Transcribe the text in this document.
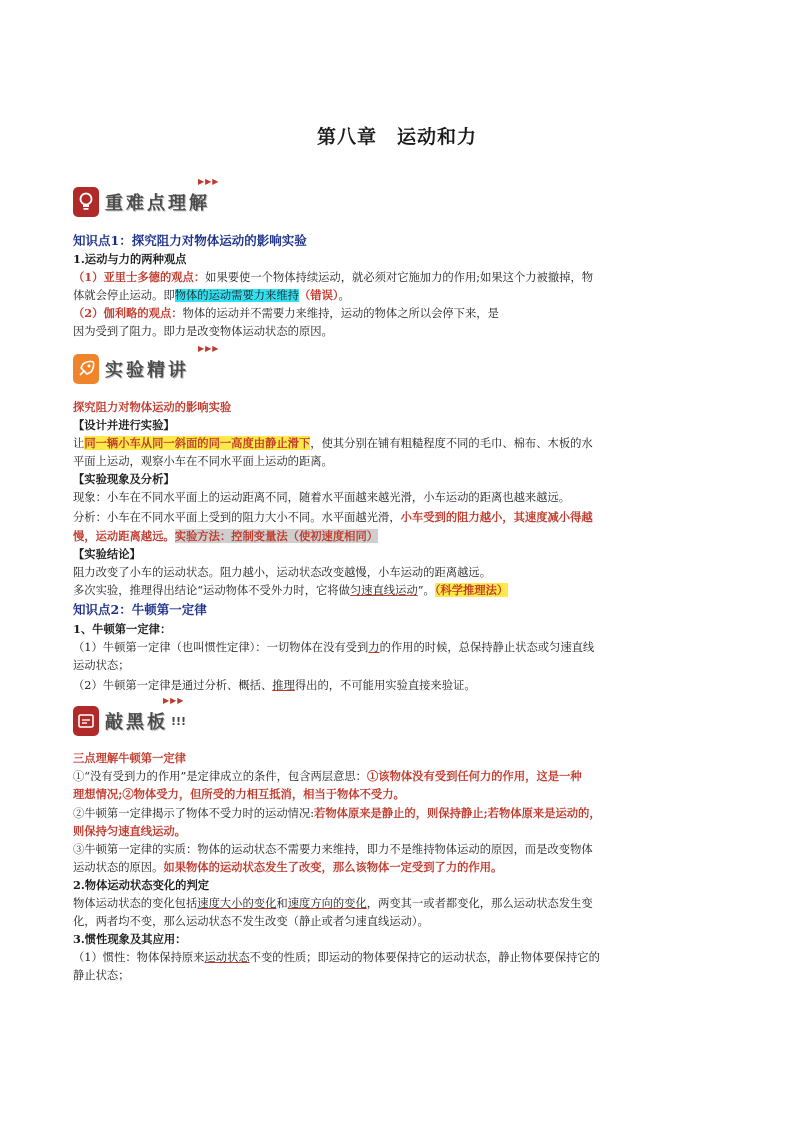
第八章　运动和力
▶▶▶
重难点理解
知识点1：探究阻力对物体运动的影响实验
1.运动与力的两种观点
（1）亚里士多德的观点：如果要使一个物体持续运动，就必须对它施加力的作用;如果这个力被撤掉，物
体就会停止运动。即物体的运动需要力来维持（错误）。
（2）伽利略的观点：物体的运动并不需要力来维持，运动的物体之所以会停下来，是
因为受到了阻力。即力是改变物体运动状态的原因。
▶▶▶
实验精讲
探究阻力对物体运动的影响实验
【设计并进行实验】
让同一辆小车从同一斜面的同一高度由静止滑下，使其分别在铺有粗糙程度不同的毛巾、棉布、木板的水
平面上运动，观察小车在不同水平面上运动的距离。
【实验现象及分析】
现象：小车在不同水平面上的运动距离不同，随着水平面越来越光滑，小车运动的距离也越来越远。
分析：小车在不同水平面上受到的阻力大小不同。水平面越光滑，小车受到的阻力越小，其速度减小得越
慢，运动距离越远。实验方法：控制变量法（使初速度相同）
【实验结论】
阻力改变了小车的运动状态。阻力越小，运动状态改变越慢，小车运动的距离越远。
多次实验，推理得出结论“运动物体不受外力时，它将做匀速直线运动”。（科学推理法）
知识点2：牛顿第一定律
1、牛顿第一定律：
（1）牛顿第一定律（也叫惯性定律）：一切物体在没有受到力的作用的时候，总保持静止状态或匀速直线
运动状态；
（2）牛顿第一定律是通过分析、概括、推理得出的，不可能用实验直接来验证。
▶▶▶
敲黑板 !!!
三点理解牛顿第一定律
①“没有受到力的作用”是定律成立的条件，包含两层意思：①该物体没有受到任何力的作用，这是一种
理想情况;②物体受力，但所受的力相互抵消，相当于物体不受力。
②牛顿第一定律揭示了物体不受力时的运动情况:若物体原来是静止的，则保持静止;若物体原来是运动的，
则保持匀速直线运动。
③牛顿第一定律的实质：物体的运动状态不需要力来维持，即力不是维持物体运动的原因，而是改变物体
运动状态的原因。如果物体的运动状态发生了改变，那么该物体一定受到了力的作用。
2.物体运动状态变化的判定
物体运动状态的变化包括速度大小的变化和速度方向的变化，两变其一或者都变化，那么运动状态发生变
化，两者均不变，那么运动状态不发生改变（静止或者匀速直线运动）。
3.惯性现象及其应用：
（1）惯性：物体保持原来运动状态不变的性质；即运动的物体要保持它的运动状态，静止物体要保持它的
静止状态；
